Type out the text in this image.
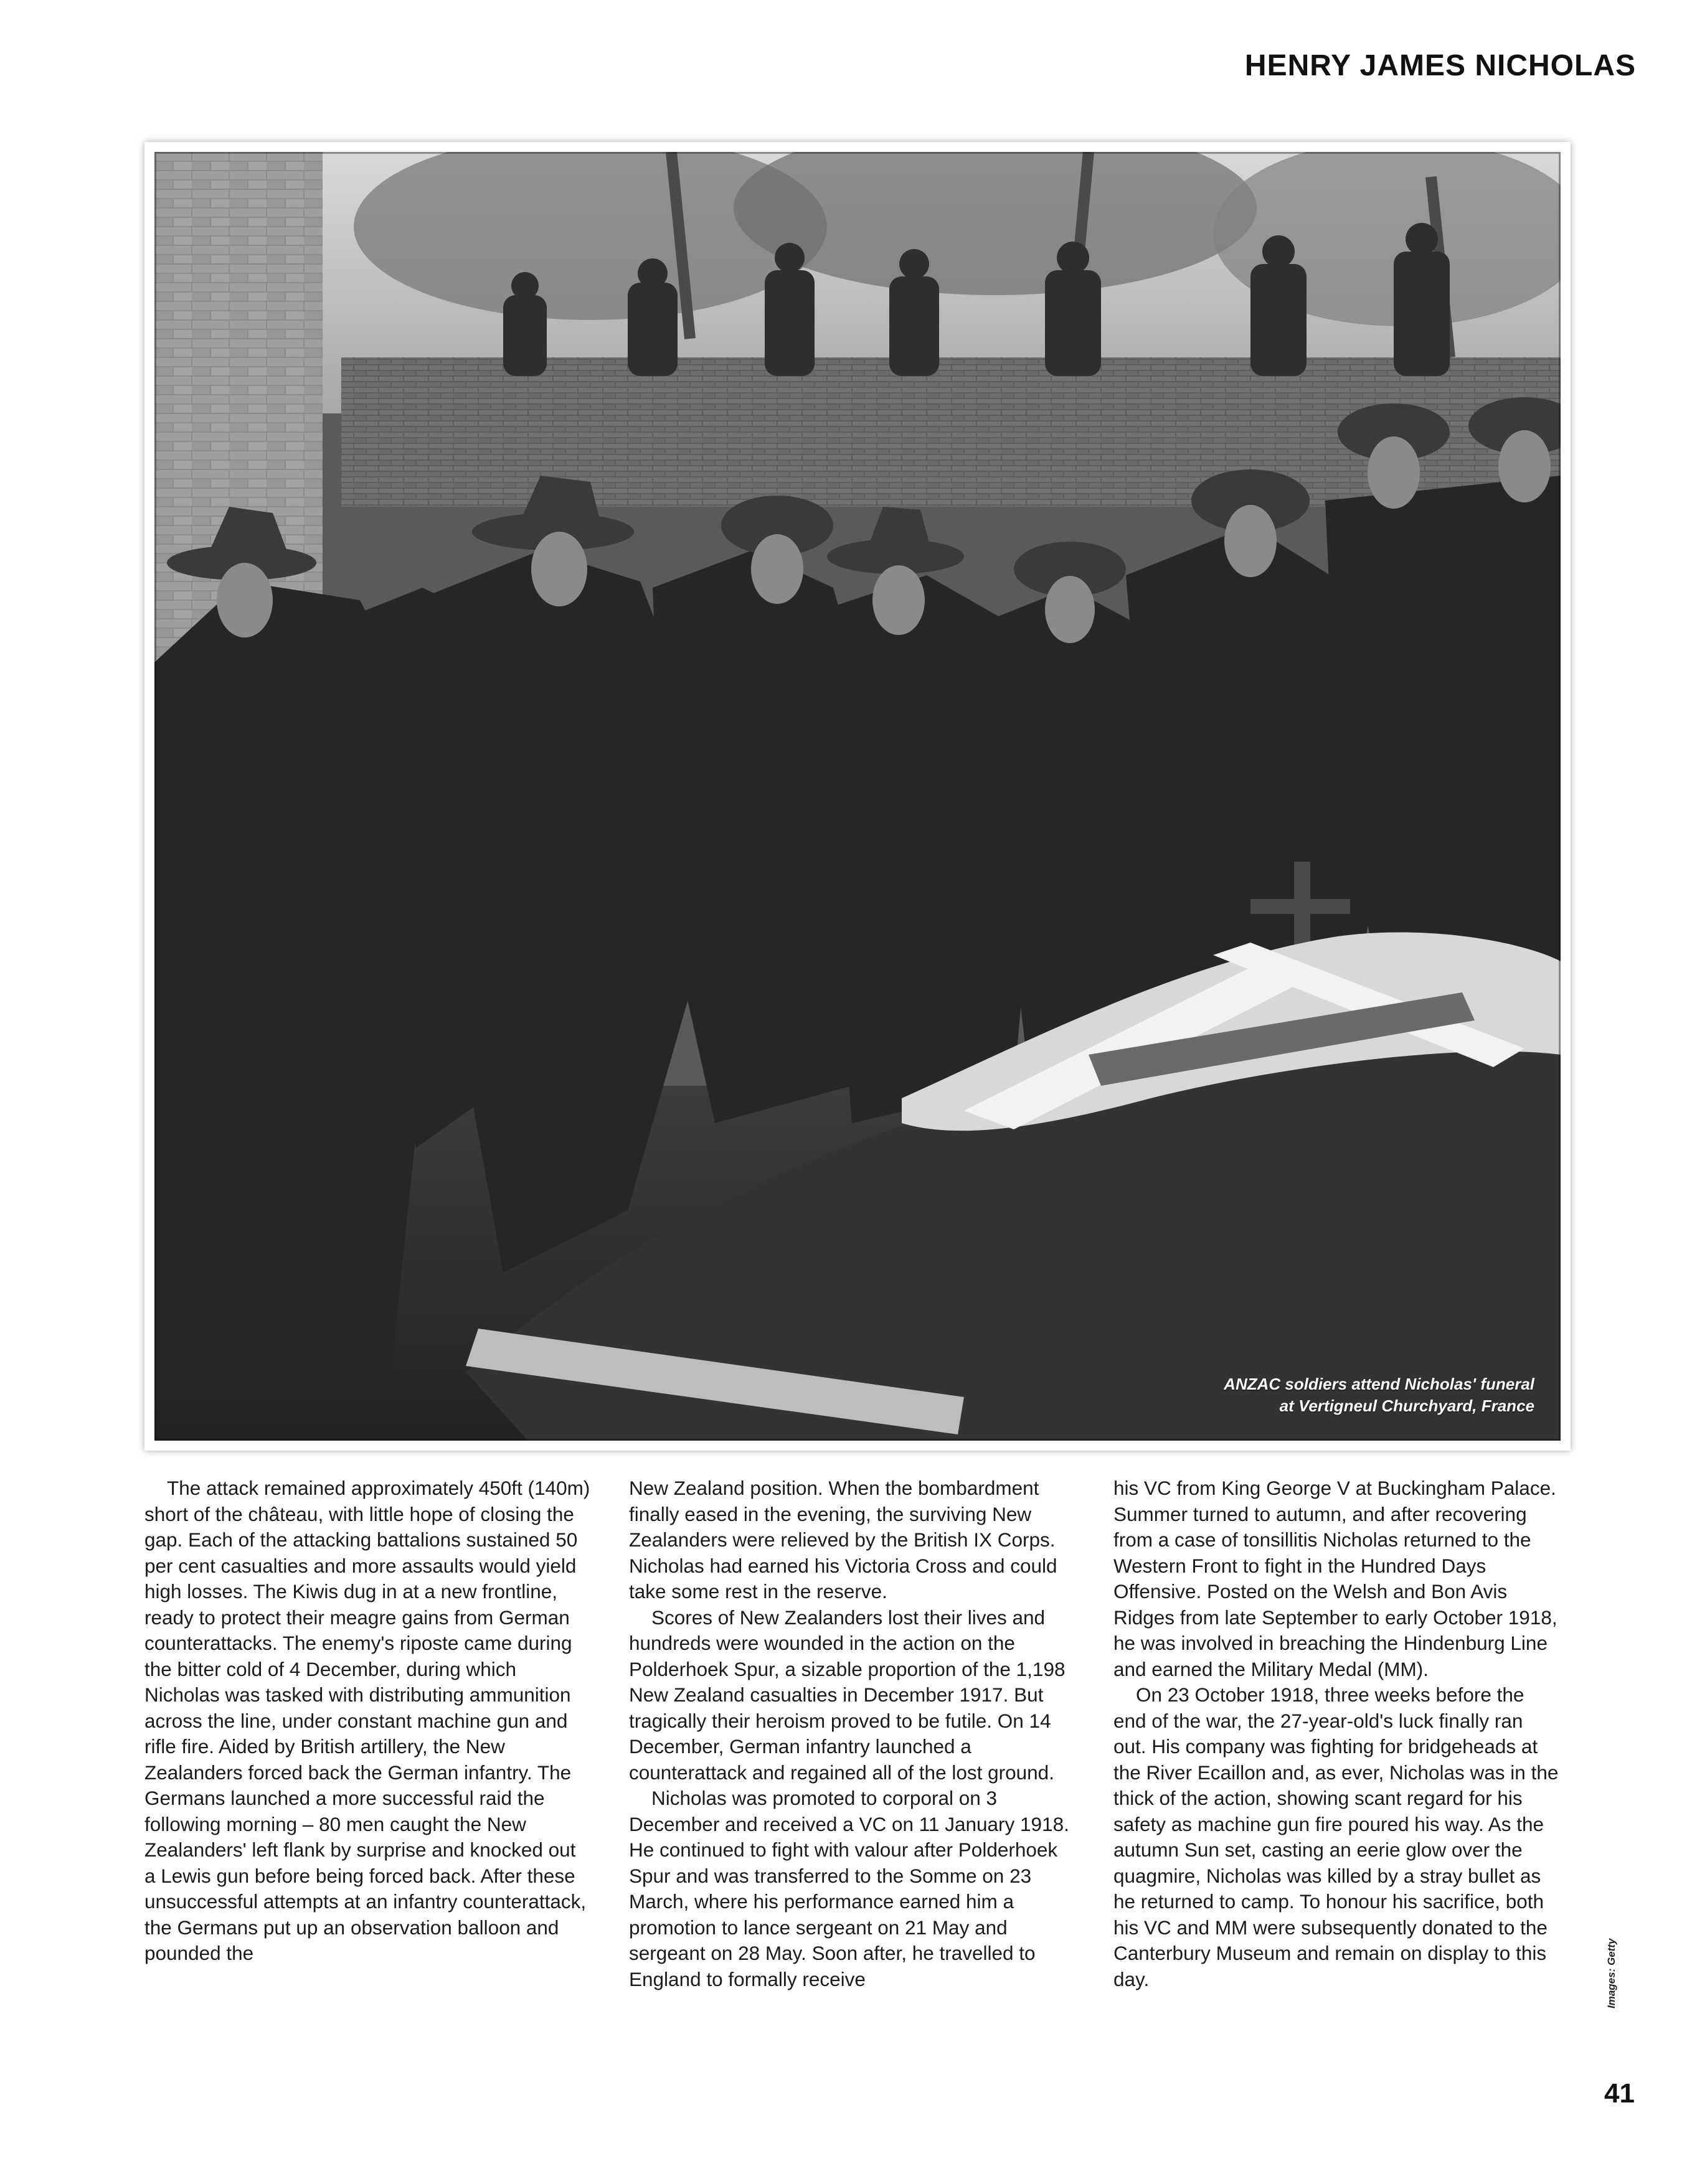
HENRY JAMES NICHOLAS
ANZAC soldiers attend Nicholas' funeral
at Vertigneul Churchyard, France

The attack remained approximately 450ft (140m) short of the château, with little hope of closing the gap. Each of the attacking battalions sustained 50 per cent casualties and more assaults would yield high losses. The Kiwis dug in at a new frontline, ready to protect their meagre gains from German counterattacks. The enemy's riposte came during the bitter cold of 4 December, during which Nicholas was tasked with distributing ammunition across the line, under constant machine gun and rifle fire. Aided by British artillery, the New Zealanders forced back the German infantry. The Germans launched a more successful raid the following morning – 80 men caught the New Zealanders' left flank by surprise and knocked out a Lewis gun before being forced back. After these unsuccessful attempts at an infantry counterattack, the Germans put up an observation balloon and pounded the

New Zealand position. When the bombardment finally eased in the evening, the surviving New Zealanders were relieved by the British IX Corps. Nicholas had earned his Victoria Cross and could take some rest in the reserve.

Scores of New Zealanders lost their lives and hundreds were wounded in the action on the Polderhoek Spur, a sizable proportion of the 1,198 New Zealand casualties in December 1917. But tragically their heroism proved to be futile. On 14 December, German infantry launched a counterattack and regained all of the lost ground.

Nicholas was promoted to corporal on 3 December and received a VC on 11 January 1918. He continued to fight with valour after Polderhoek Spur and was transferred to the Somme on 23 March, where his performance earned him a promotion to lance sergeant on 21 May and sergeant on 28 May. Soon after, he travelled to England to formally receive

his VC from King George V at Buckingham Palace. Summer turned to autumn, and after recovering from a case of tonsillitis Nicholas returned to the Western Front to fight in the Hundred Days Offensive. Posted on the Welsh and Bon Avis Ridges from late September to early October 1918, he was involved in breaching the Hindenburg Line and earned the Military Medal (MM).

On 23 October 1918, three weeks before the end of the war, the 27-year-old's luck finally ran out. His company was fighting for bridgeheads at the River Ecaillon and, as ever, Nicholas was in the thick of the action, showing scant regard for his safety as machine gun fire poured his way. As the autumn Sun set, casting an eerie glow over the quagmire, Nicholas was killed by a stray bullet as he returned to camp. To honour his sacrifice, both his VC and MM were subsequently donated to the Canterbury Museum and remain on display to this day.	Images: Getty
41
